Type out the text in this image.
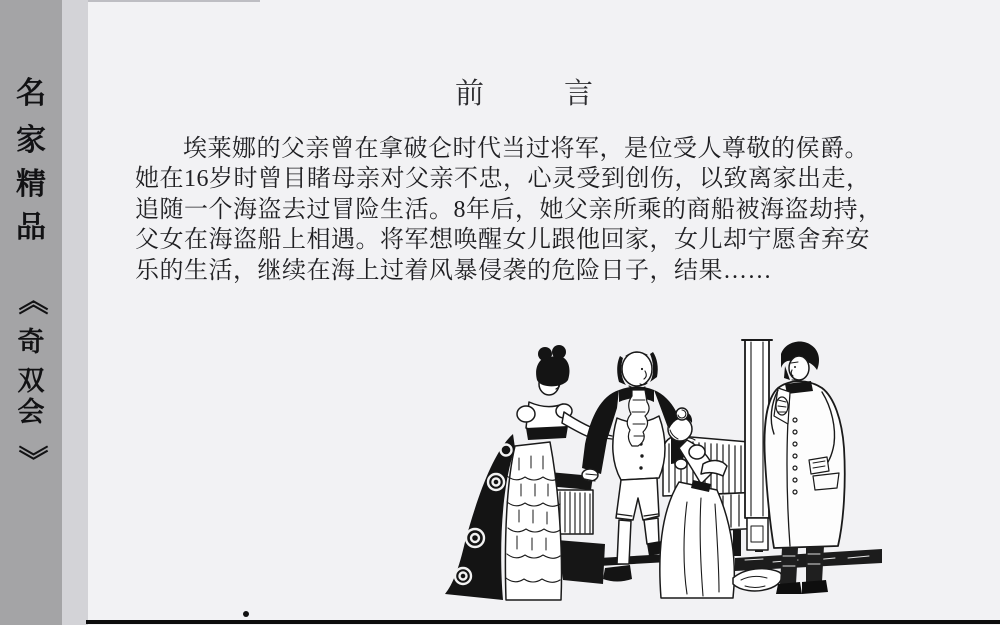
名
家
精
品
《
奇
双
会
》
前	言
埃莱娜的父亲曾在拿破仑时代当过将军，是位受人尊敬的侯爵。
她在16岁时曾目睹母亲对父亲不忠，心灵受到创伤，以致离家出走，
追随一个海盗去过冒险生活。8年后，她父亲所乘的商船被海盗劫持，
父女在海盗船上相遇。将军想唤醒女儿跟他回家，女儿却宁愿舍弃安
乐的生活，继续在海上过着风暴侵袭的危险日子，结果……
